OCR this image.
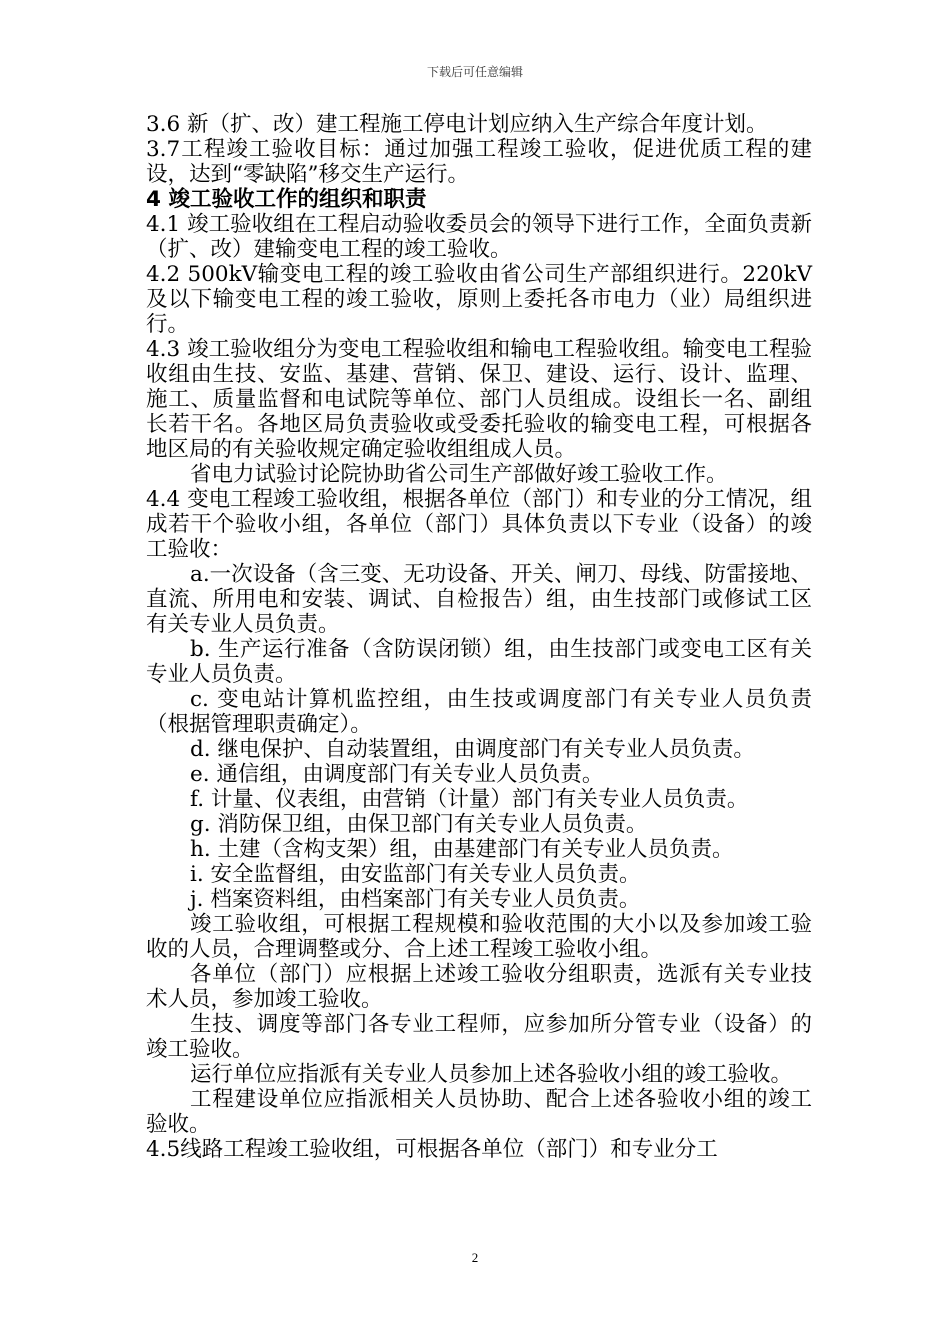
下载后可任意编辑

3.6 新（扩、改）建工程施工停电计划应纳入生产综合年度计划。

3.7工程竣工验收目标：通过加强工程竣工验收，促进优质工程的建设，达到“零缺陷”移交生产运行。

4 竣工验收工作的组织和职责

4.1 竣工验收组在工程启动验收委员会的领导下进行工作，全面负责新（扩、改）建输变电工程的竣工验收。

4.2 500kV输变电工程的竣工验收由省公司生产部组织进行。220kV及以下输变电工程的竣工验收，原则上委托各市电力（业）局组织进行。

4.3 竣工验收组分为变电工程验收组和输电工程验收组。输变电工程验收组由生技、安监、基建、营销、保卫、建设、运行、设计、监理、施工、质量监督和电试院等单位、部门人员组成。设组长一名、副组长若干名。各地区局负责验收或受委托验收的输变电工程，可根据各地区局的有关验收规定确定验收组组成人员。

省电力试验讨论院协助省公司生产部做好竣工验收工作。

4.4 变电工程竣工验收组，根据各单位（部门）和专业的分工情况，组成若干个验收小组，各单位（部门）具体负责以下专业（设备）的竣工验收：

a.一次设备（含三变、无功设备、开关、闸刀、母线、防雷接地、直流、所用电和安装、调试、自检报告）组，由生技部门或修试工区有关专业人员负责。

b. 生产运行准备（含防误闭锁）组，由生技部门或变电工区有关专业人员负责。

c. 变电站计算机监控组，由生技或调度部门有关专业人员负责（根据管理职责确定）。

d. 继电保护、自动装置组，由调度部门有关专业人员负责。

e. 通信组，由调度部门有关专业人员负责。

f. 计量、仪表组，由营销（计量）部门有关专业人员负责。

g. 消防保卫组，由保卫部门有关专业人员负责。

h. 土建（含构支架）组，由基建部门有关专业人员负责。

i. 安全监督组，由安监部门有关专业人员负责。

j. 档案资料组，由档案部门有关专业人员负责。

竣工验收组，可根据工程规模和验收范围的大小以及参加竣工验收的人员，合理调整或分、合上述工程竣工验收小组。

各单位（部门）应根据上述竣工验收分组职责，选派有关专业技术人员，参加竣工验收。

生技、调度等部门各专业工程师，应参加所分管专业（设备）的竣工验收。

运行单位应指派有关专业人员参加上述各验收小组的竣工验收。

工程建设单位应指派相关人员协助、配合上述各验收小组的竣工验收。

4.5线路工程竣工验收组，可根据各单位（部门）和专业分工

2
